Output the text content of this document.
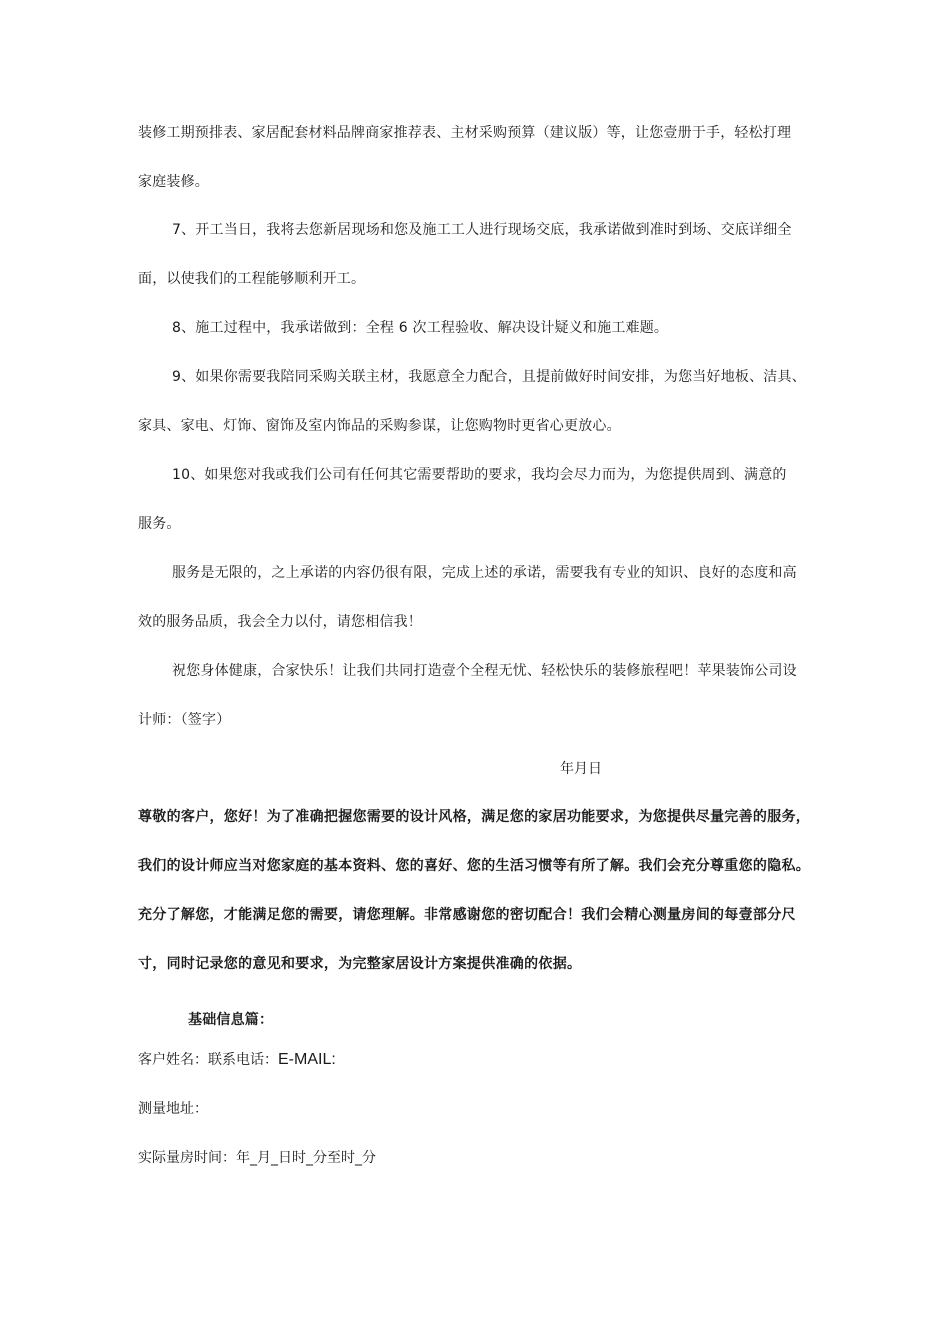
装修工期预排表、家居配套材料品牌商家推荐表、主材采购预算（建议版）等，让您壹册于手，轻松打理
家庭装修。
7、开工当日，我将去您新居现场和您及施工工人进行现场交底，我承诺做到准时到场、交底详细全
面，以使我们的工程能够顺利开工。
8、施工过程中，我承诺做到：全程 6 次工程验收、解决设计疑义和施工难题。
9、如果你需要我陪同采购关联主材，我愿意全力配合，且提前做好时间安排，为您当好地板、洁具、
家具、家电、灯饰、窗饰及室内饰品的采购参谋，让您购物时更省心更放心。
10、如果您对我或我们公司有任何其它需要帮助的要求，我均会尽力而为，为您提供周到、满意的
服务。
服务是无限的，之上承诺的内容仍很有限，完成上述的承诺，需要我有专业的知识、良好的态度和高
效的服务品质，我会全力以付，请您相信我！
祝您身体健康，合家快乐！让我们共同打造壹个全程无忧、轻松快乐的装修旅程吧！苹果装饰公司设
计师：（签字）
年月日
尊敬的客户，您好！为了准确把握您需要的设计风格，满足您的家居功能要求，为您提供尽量完善的服务，
我们的设计师应当对您家庭的基本资料、您的喜好、您的生活习惯等有所了解。我们会充分尊重您的隐私。
充分了解您，才能满足您的需要，请您理解。非常感谢您的密切配合！我们会精心测量房间的每壹部分尺
寸，同时记录您的意见和要求，为完整家居设计方案提供准确的依据。
基础信息篇：
客户姓名：联系电话：E-MAIL:
测量地址：
实际量房时间：年_月_日时_分至时_分
